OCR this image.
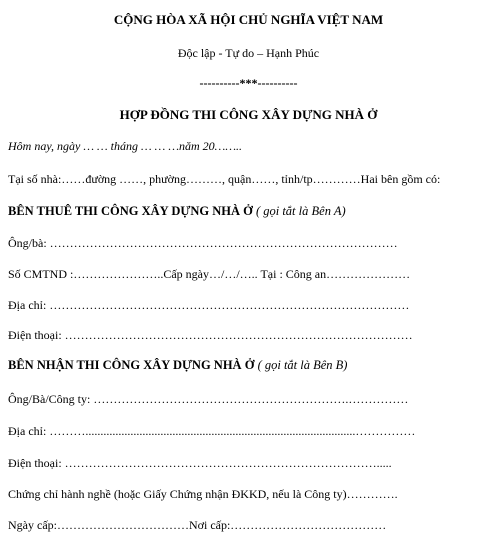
CỘNG HÒA XÃ HỘI CHỦ NGHĨA VIỆT NAM
Độc lập - Tự do – Hạnh Phúc
----------***----------
HỢP ĐỒNG THI CÔNG XÂY DỰNG NHÀ Ở
Hôm nay, ngày … … tháng … … …năm 20……..
Tại số nhà:……đường ……, phường………, quận……, tỉnh/tp…………Hai bên gồm có:
BÊN THUÊ THI CÔNG XÂY DỰNG NHÀ Ở ( gọi tắt là Bên A)
Ông/bà: ……………………………………………………………………………
Số CMTND :…………………..Cấp ngày…/…/….. Tại : Công an…………………
Địa chỉ: ………………………………………………………………………………
Điện thoại: ……………………………………………………………………………
BÊN NHẬN THI CÔNG XÂY DỰNG NHÀ Ở ( gọi tắt là Bên B)
Ông/Bà/Công ty: ……………………………………………………….……………
Địa chỉ: ………..........................................................................................……………
Điện thoại: …………………………………………………………………….....
Chứng chỉ hành nghề (hoặc Giấy Chứng nhận ĐKKD, nếu là Công ty)………….
Ngày cấp:……………………………Nơi cấp:…………………………………
